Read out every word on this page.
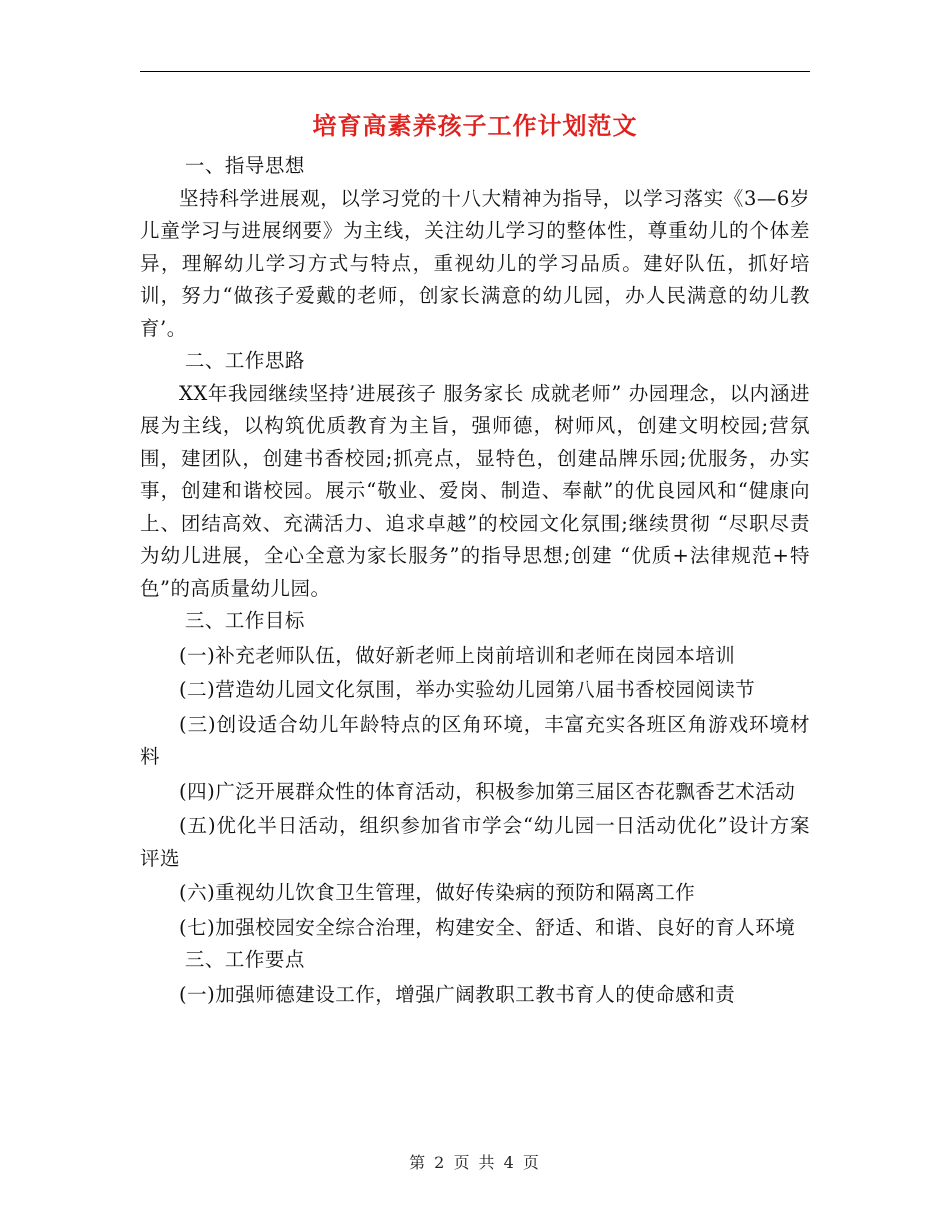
培育高素养孩子工作计划范文

一、指导思想

坚持科学进展观，以学习党的十八大精神为指导，以学习落实《3—6岁儿童学习与进展纲要》为主线，关注幼儿学习的整体性，尊重幼儿的个体差异，理解幼儿学习方式与特点，重视幼儿的学习品质。建好队伍，抓好培训，努力“做孩子爱戴的老师，创家长满意的幼儿园，办人民满意的幼儿教育’。

二、工作思路

XX年我园继续坚持’进展孩子 服务家长 成就老师” 办园理念，以内涵进展为主线，以构筑优质教育为主旨，强师德，树师风，创建文明校园;营氛围，建团队，创建书香校园;抓亮点，显特色，创建品牌乐园;优服务，办实事，创建和谐校园。展示“敬业、爱岗、制造、奉献”的优良园风和“健康向上、团结高效、充满活力、追求卓越”的校园文化氛围;继续贯彻 “尽职尽责为幼儿进展，全心全意为家长服务”的指导思想;创建 “优质+法律规范+特色”的高质量幼儿园。

三、工作目标

(一)补充老师队伍，做好新老师上岗前培训和老师在岗园本培训

(二)营造幼儿园文化氛围，举办实验幼儿园第八届书香校园阅读节

(三)创设适合幼儿年龄特点的区角环境，丰富充实各班区角游戏环境材料

(四)广泛开展群众性的体育活动，积极参加第三届区杏花飘香艺术活动

(五)优化半日活动，组织参加省市学会“幼儿园一日活动优化”设计方案评选

(六)重视幼儿饮食卫生管理，做好传染病的预防和隔离工作

(七)加强校园安全综合治理，构建安全、舒适、和谐、良好的育人环境

三、工作要点

(一)加强师德建设工作，增强广阔教职工教书育人的使命感和责

第 2 页 共 4 页
